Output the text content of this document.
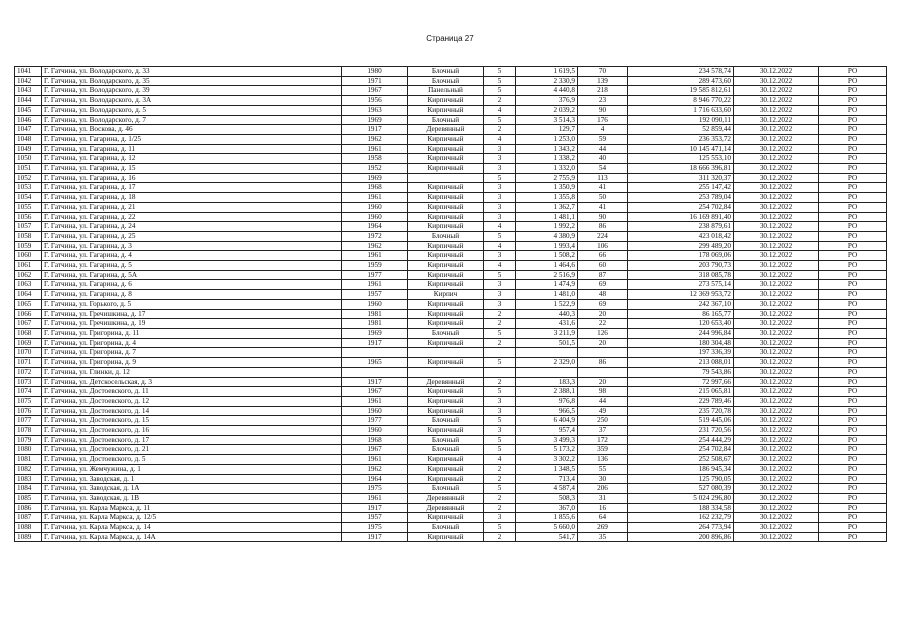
Страница 27
1041	Г. Гатчина, ул. Володарского, д. 33	1980	Блочный	5	1 619,5	70	234 578,74	30.12.2022	РО
1042	Г. Гатчина, ул. Володарского, д. 35	1971	Блочный	5	2 330,9	139	289 473,60	30.12.2022	РО
1043	Г. Гатчина, ул. Володарского, д. 39	1967	Панельный	5	4 440,8	218	19 585 812,61	30.12.2022	РО
1044	Г. Гатчина, ул. Володарского, д. 3А	1956	Кирпичный	2	376,9	23	8 946 770,22	30.12.2022	РО
1045	Г. Гатчина, ул. Володарского, д. 5	1963	Кирпичный	4	2 039,2	90	1 716 633,60	30.12.2022	РО
1046	Г. Гатчина, ул. Володарского, д. 7	1969	Блочный	5	3 514,3	176	192 090,11	30.12.2022	РО
1047	Г. Гатчина, ул. Воскова, д. 46	1917	Деревянный	2	129,7	4	52 859,44	30.12.2022	РО
1048	Г. Гатчина, ул. Гагарина, д. 1/25	1962	Кирпичный	4	1 253,0	59	236 353,72	30.12.2022	РО
1049	Г. Гатчина, ул. Гагарина, д. 11	1961	Кирпичный	3	1 343,2	44	10 145 471,14	30.12.2022	РО
1050	Г. Гатчина, ул. Гагарина, д. 12	1958	Кирпичный	3	1 338,2	40	125 553,10	30.12.2022	РО
1051	Г. Гатчина, ул. Гагарина, д. 15	1952	Кирпичный	3	1 332,0	54	18 666 396,81	30.12.2022	РО
1052	Г. Гатчина, ул. Гагарина, д. 16	1969		5	2 755,9	113	311 320,37	30.12.2022	РО
1053	Г. Гатчина, ул. Гагарина, д. 17	1968	Кирпичный	3	1 350,9	41	255 147,42	30.12.2022	РО
1054	Г. Гатчина, ул. Гагарина, д. 18	1961	Кирпичный	3	1 355,8	50	253 789,04	30.12.2022	РО
1055	Г. Гатчина, ул. Гагарина, д. 21	1960	Кирпичный	3	1 362,7	41	254 702,84	30.12.2022	РО
1056	Г. Гатчина, ул. Гагарина, д. 22	1960	Кирпичный	3	1 481,1	90	16 169 891,40	30.12.2022	РО
1057	Г. Гатчина, ул. Гагарина, д. 24	1964	Кирпичный	4	1 992,2	86	238 879,61	30.12.2022	РО
1058	Г. Гатчина, ул. Гагарина, д. 25	1972	Блочный	5	4 380,9	224	423 018,42	30.12.2022	РО
1059	Г. Гатчина, ул. Гагарина, д. 3	1962	Кирпичный	4	1 993,4	106	299 489,20	30.12.2022	РО
1060	Г. Гатчина, ул. Гагарина, д. 4	1961	Кирпичный	3	1 508,2	66	178 069,06	30.12.2022	РО
1061	Г. Гатчина, ул. Гагарина, д. 5	1959	Кирпичный	4	1 464,6	60	203 790,73	30.12.2022	РО
1062	Г. Гатчина, ул. Гагарина, д. 5А	1977	Кирпичный	5	2 516,9	87	318 085,78	30.12.2022	РО
1063	Г. Гатчина, ул. Гагарина, д. 6	1961	Кирпичный	3	1 474,9	69	273 575,14	30.12.2022	РО
1064	Г. Гатчина, ул. Гагарина, д. 8	1957	Кирпич	3	1 481,0	48	12 369 953,72	30.12.2022	РО
1065	Г. Гатчина, ул. Горького, д. 5	1960	Кирпичный	3	1 522,9	69	242 367,10	30.12.2022	РО
1066	Г. Гатчина, ул. Гречишкина, д. 17	1981	Кирпичный	2	440,3	20	86 165,77	30.12.2022	РО
1067	Г. Гатчина, ул. Гречишкина, д. 19	1981	Кирпичный	2	431,6	22	120 653,40	30.12.2022	РО
1068	Г. Гатчина, ул. Григорина, д. 11	1969	Блочный	5	3 211,9	126	244 996,84	30.12.2022	РО
1069	Г. Гатчина, ул. Григорина, д. 4	1917	Кирпичный	2	501,5	20	180 304,48	30.12.2022	РО
1070	Г. Гатчина, ул. Григорина, д. 7						197 336,39	30.12.2022	РО
1071	Г. Гатчина, ул. Григорина, д. 9	1965	Кирпичный	5	2 329,0	86	213 088,01	30.12.2022	РО
1072	Г. Гатчина, ул. Глинки, д. 12						79 543,86	30.12.2022	РО
1073	Г. Гатчина, ул. Детскосельская, д. 3	1917	Деревянный	2	183,3	20	72 997,66	30.12.2022	РО
1074	Г. Гатчина, ул. Достоевского, д. 11	1967	Кирпичный	5	2 388,1	98	215 065,81	30.12.2022	РО
1075	Г. Гатчина, ул. Достоевского, д. 12	1961	Кирпичный	3	976,8	44	229 789,46	30.12.2022	РО
1076	Г. Гатчина, ул. Достоевского, д. 14	1960	Кирпичный	3	966,5	49	235 720,78	30.12.2022	РО
1077	Г. Гатчина, ул. Достоевского, д. 15	1977	Блочный	5	6 404,9	250	519 445,06	30.12.2022	РО
1078	Г. Гатчина, ул. Достоевского, д. 16	1960	Кирпичный	3	957,4	37	231 720,56	30.12.2022	РО
1079	Г. Гатчина, ул. Достоевского, д. 17	1968	Блочный	5	3 499,3	172	254 444,29	30.12.2022	РО
1080	Г. Гатчина, ул. Достоевского, д. 21	1967	Блочный	5	5 173,2	359	254 702,84	30.12.2022	РО
1081	Г. Гатчина, ул. Достоевского, д. 5	1961	Кирпичный	4	3 302,2	136	252 508,67	30.12.2022	РО
1082	Г. Гатчина, ул. Жемчужина, д. 1	1962	Кирпичный	2	1 348,5	55	186 945,34	30.12.2022	РО
1083	Г. Гатчина, ул. Заводская, д. 1	1964	Кирпичный	2	713,4	30	125 790,05	30.12.2022	РО
1084	Г. Гатчина, ул. Заводская, д. 1А	1975	Блочный	5	4 587,4	206	527 080,39	30.12.2022	РО
1085	Г. Гатчина, ул. Заводская, д. 1В	1961	Деревянный	2	508,3	31	5 024 296,80	30.12.2022	РО
1086	Г. Гатчина, ул. Карла Маркса, д. 11	1917	Деревянный	2	367,0	16	188 334,58	30.12.2022	РО
1087	Г. Гатчина, ул. Карла Маркса, д. 12/5	1957	Кирпичный	3	1 855,6	64	162 232,79	30.12.2022	РО
1088	Г. Гатчина, ул. Карла Маркса, д. 14	1975	Блочный	5	5 660,0	269	264 773,94	30.12.2022	РО
1089	Г. Гатчина, ул. Карла Маркса, д. 14А	1917	Кирпичный	2	541,7	35	200 896,86	30.12.2022	РО
